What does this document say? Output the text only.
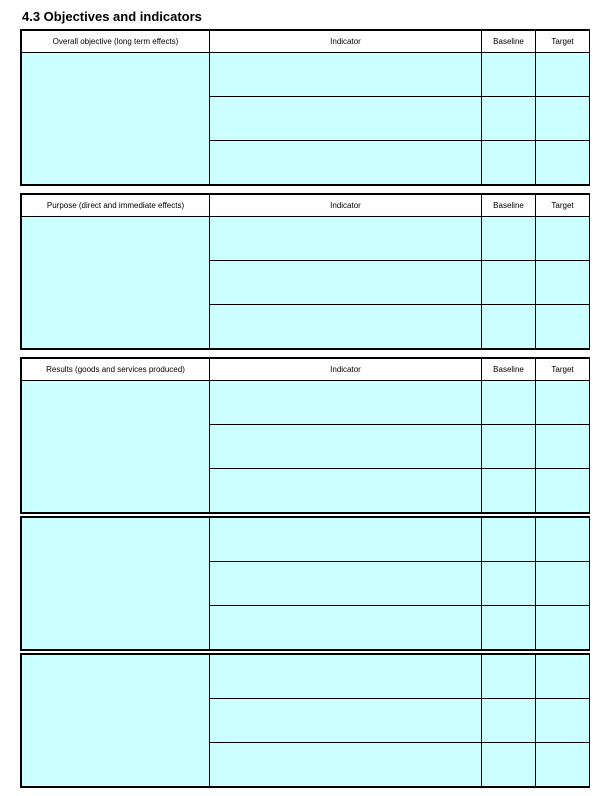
4.3 Objectives and indicators
Overall objective (long term effects)	Indicator	Baseline	Target

Purpose (direct and immediate effects)	Indicator	Baseline	Target

Results (goods and services produced)	Indicator	Baseline	Target
